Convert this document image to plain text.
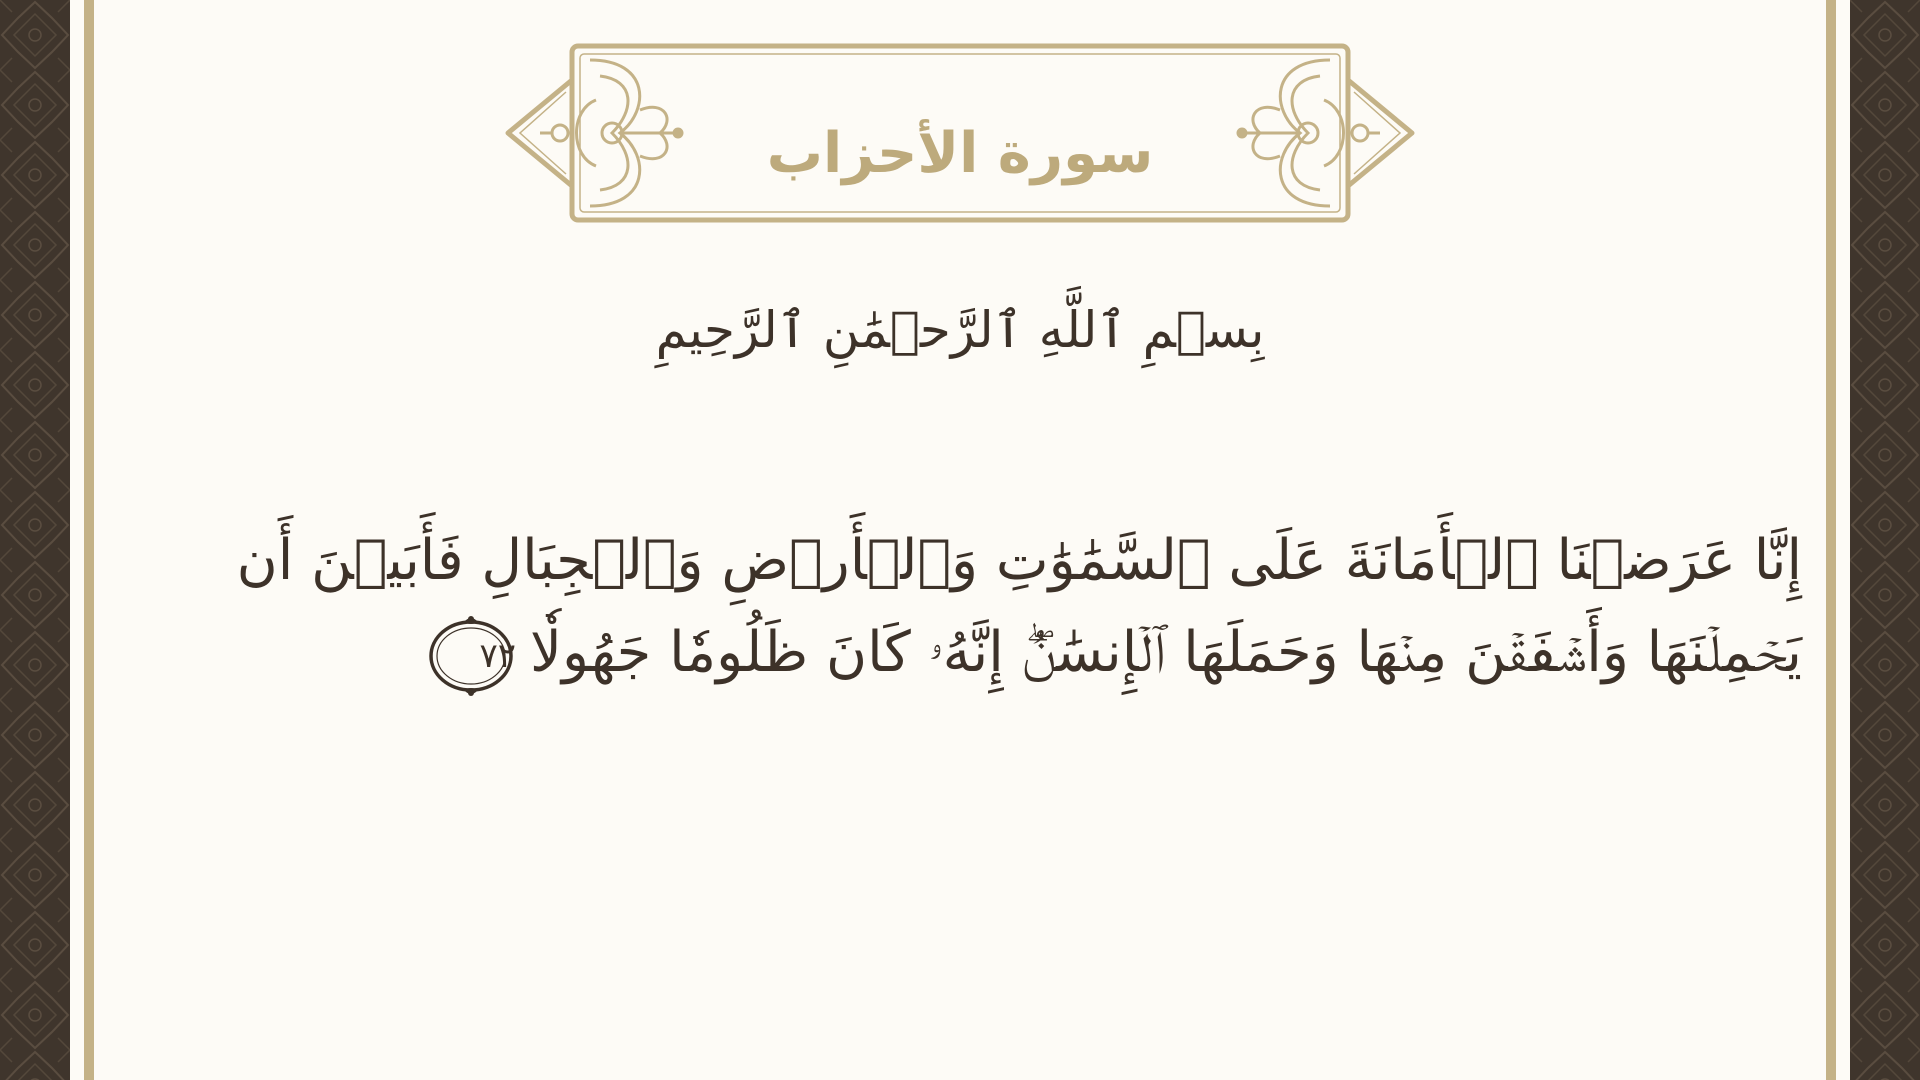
سورة الأحزاب
بِسۡمِ ٱللَّهِ ٱلرَّحۡمَٰنِ ٱلرَّحِيمِ
إِنَّا عَرَضۡنَا ٱلۡأَمَانَةَ عَلَى ٱلسَّمَٰوَٰتِ وَٱلۡأَرۡضِ وَٱلۡجِبَالِ فَأَبَيۡنَ أَن
يَحۡمِلۡنَهَا وَأَشۡفَقۡنَ مِنۡهَا وَحَمَلَهَا ٱلۡإِنسَٰنُۖ إِنَّهُۥ كَانَ ظَلُومٗا جَهُولٗا
٧٢
